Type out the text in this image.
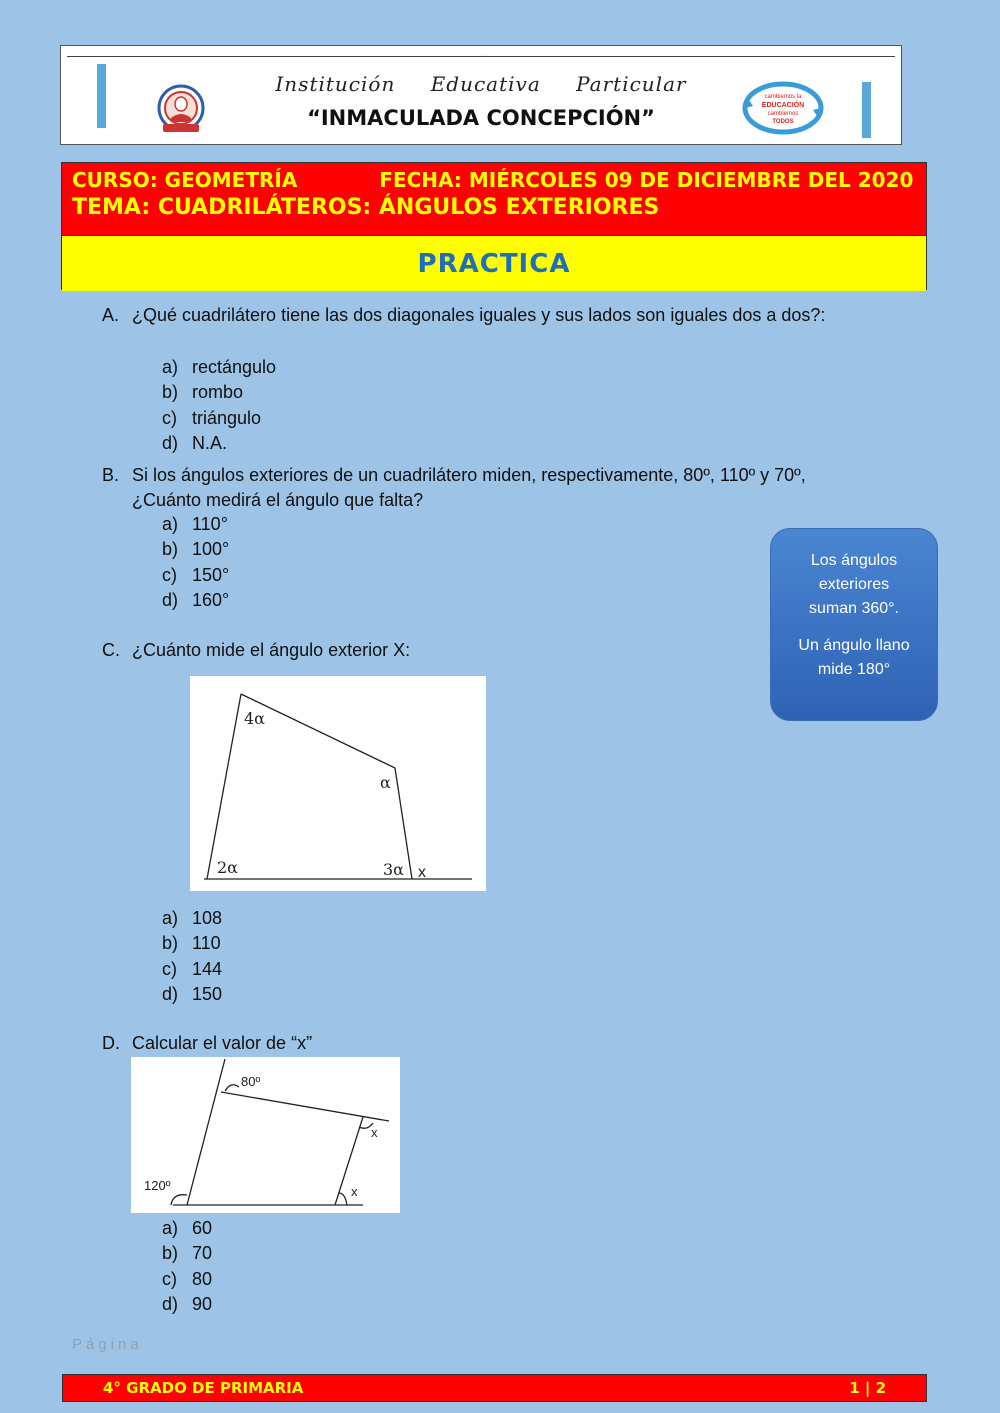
–
Institución Educativa Particular
“INMACULADA CONCEPCIÓN”
cambiemos la
EDUCACIÓN
cambiemos
TODOS
CURSO: GEOMETRÍA	FECHA: MIÉRCOLES 09 DE DICIEMBRE DEL 2020
TEMA: CUADRILÁTEROS: ÁNGULOS EXTERIORES
PRACTICA
A. ¿Qué cuadrilátero tiene las dos diagonales iguales y sus lados son iguales dos a dos?:
a) rectángulo
b) rombo
c) triángulo
d) N.A.
B. Si los ángulos exteriores de un cuadrilátero miden, respectivamente, 80º, 110º y 70º,
¿Cuánto medirá el ángulo que falta?
a) 110°
b) 100°
c) 150°
d) 160°

Los ángulos exteriores suman 360°.

Un ángulo llano mide 180°

C. ¿Cuánto mide el ángulo exterior X:
4α
α
2α	3α x
a) 108
b) 110
c) 144
d) 150
D. Calcular el valor de “x”
80º
x
120º	x
a) 60
b) 70
c) 80
d) 90
Página
4° GRADO DE PRIMARIA	1 | 2
